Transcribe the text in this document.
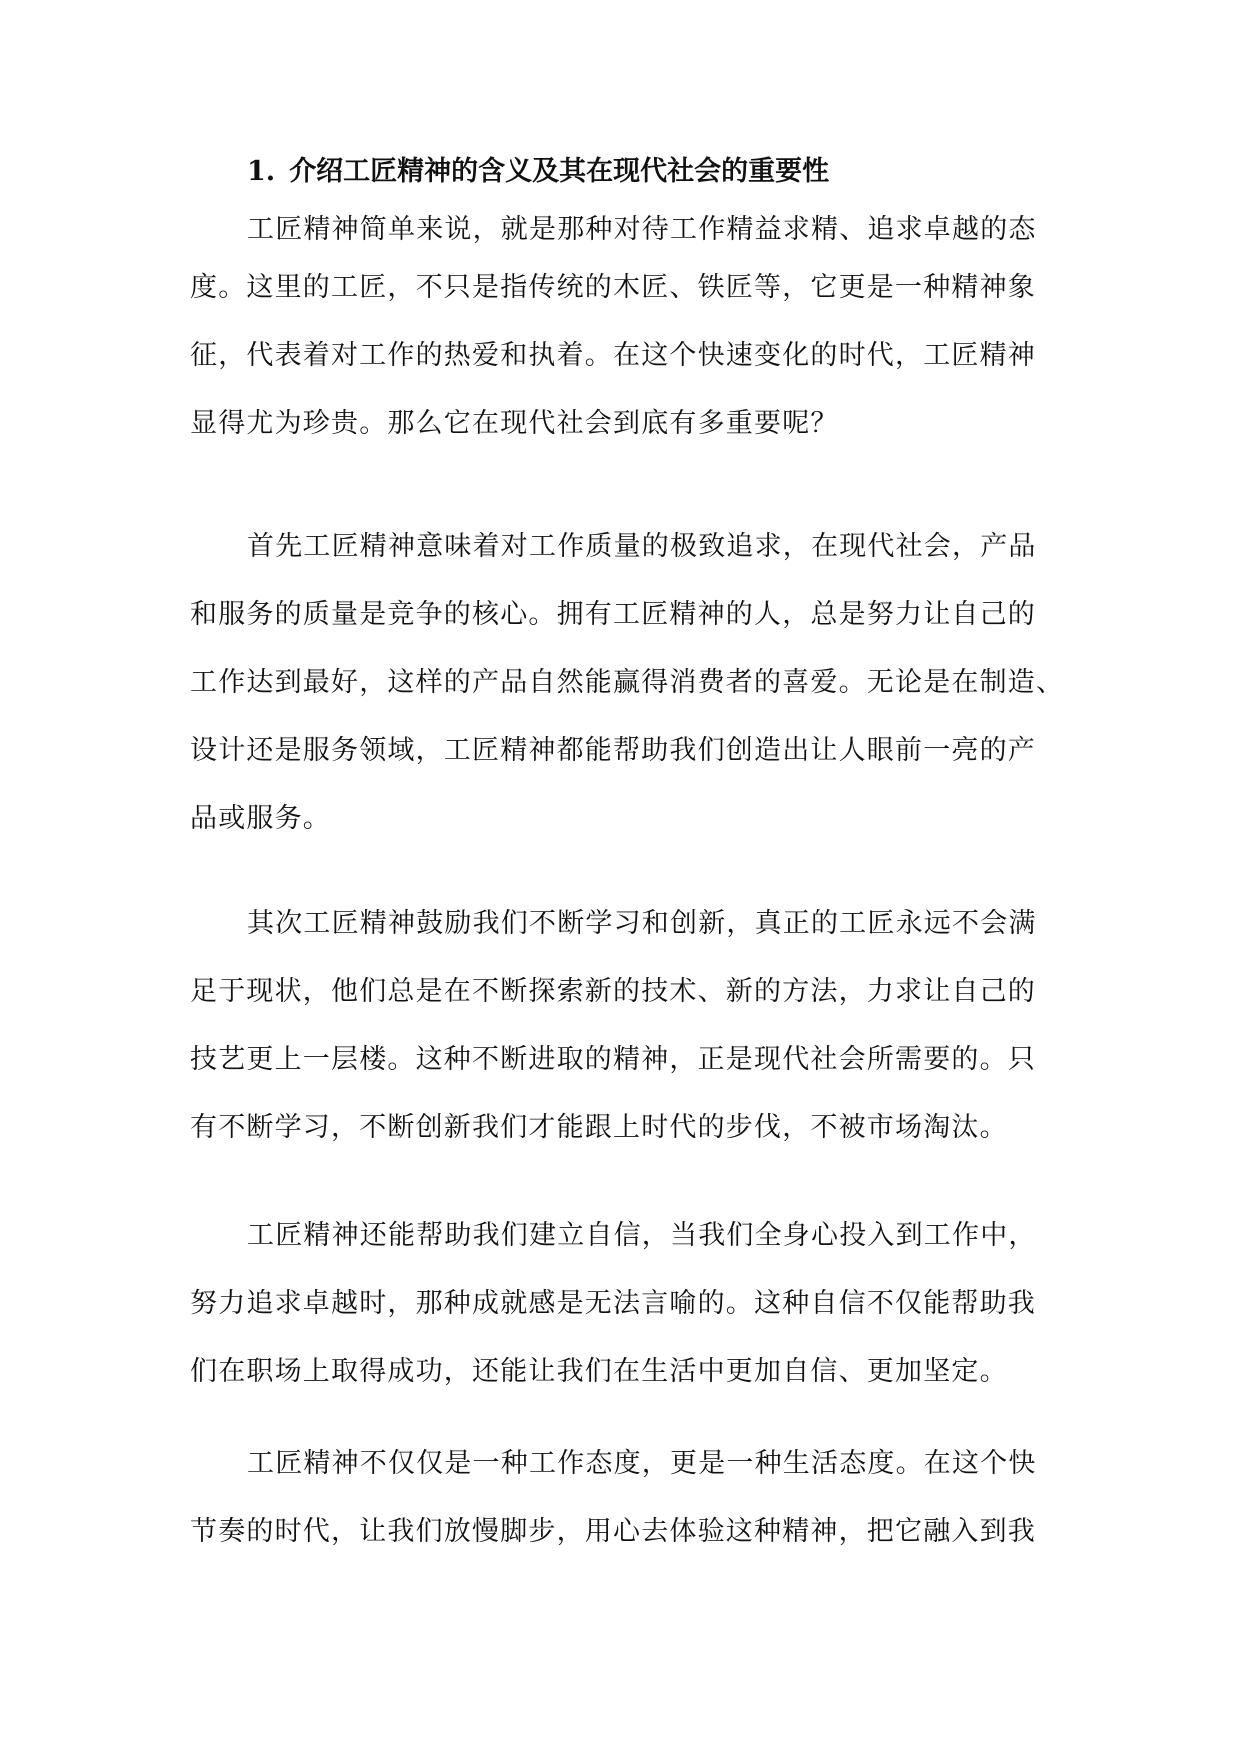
1. 介绍工匠精神的含义及其在现代社会的重要性
工匠精神简单来说，就是那种对待工作精益求精、追求卓越的态
度。这里的工匠，不只是指传统的木匠、铁匠等，它更是一种精神象
征，代表着对工作的热爱和执着。在这个快速变化的时代，工匠精神
显得尤为珍贵。那么它在现代社会到底有多重要呢？
首先工匠精神意味着对工作质量的极致追求，在现代社会，产品
和服务的质量是竞争的核心。拥有工匠精神的人，总是努力让自己的
工作达到最好，这样的产品自然能赢得消费者的喜爱。无论是在制造、
设计还是服务领域，工匠精神都能帮助我们创造出让人眼前一亮的产
品或服务。
其次工匠精神鼓励我们不断学习和创新，真正的工匠永远不会满
足于现状，他们总是在不断探索新的技术、新的方法，力求让自己的
技艺更上一层楼。这种不断进取的精神，正是现代社会所需要的。只
有不断学习，不断创新我们才能跟上时代的步伐，不被市场淘汰。
工匠精神还能帮助我们建立自信，当我们全身心投入到工作中，
努力追求卓越时，那种成就感是无法言喻的。这种自信不仅能帮助我
们在职场上取得成功，还能让我们在生活中更加自信、更加坚定。
工匠精神不仅仅是一种工作态度，更是一种生活态度。在这个快
节奏的时代，让我们放慢脚步，用心去体验这种精神，把它融入到我
